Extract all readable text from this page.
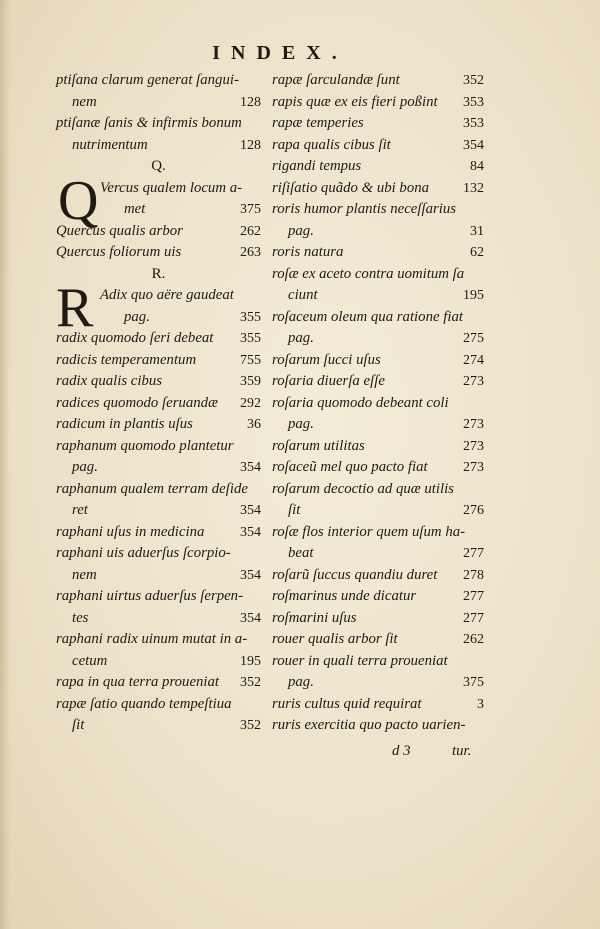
INDEX.
ptiſana clarum generat ſangui-
nem	128
ptiſanæ ſanis & infirmis bonum
nutrimentum	128
Q.
Q Vercus qualem locum a-
met	375
Quercus qualis arbor	262
Quercus foliorum uis	263
R.
R Adix quo aëre gaudeat
pag.	355
radix quomodo ſeri debeat 355
radicis temperamentum	755
radix qualis cibus	359
radices quomodo ſeruandæ 292
radicum in plantis uſus	36
raphanum quomodo plantetur
pag.	354
raphanum qualem terram deſide
ret	354
raphani uſus in medicina	354
raphani uis aduerſus ſcorpio-
nem	354
raphani uirtus aduerſus ſerpen-
tes	354
raphani radix uinum mutat in a-
cetum	195
rapa in qua terra proueniat 352
rapæ ſatio quando tempeſtiua
ſit	352
rapæ ſarculandæ ſunt	352
rapis quæ ex eis fieri poßint 353
rapæ temperies	353
rapa qualis cibus ſit	354
rigandi tempus	84
riſiſatio quãdo & ubi bona 132
roris humor plantis neceſſarius
pag.	31
roris natura	62
roſæ ex aceto contra uomitum ſa
ciunt	195
roſaceum oleum qua ratione fiat
pag.	275
roſarum ſucci uſus	274
roſaria diuerſa eſſe	273
roſaria quomodo debeant coli
pag.	273
roſarum utilitas	273
roſaceũ mel quo pacto fiat	273
roſarum decoctio ad quæ utilis
ſit	276
roſæ flos interior quem uſum ha-
beat	277
roſarũ ſuccus quandiu duret 278
roſmarinus unde dicatur	277
roſmarini uſus	277
rouer qualis arbor ſit	262
rouer in quali terra proueniat
pag.	375
ruris cultus quid requirat	3
ruris exercitia quo pacto uarien-
d 3	tur.
